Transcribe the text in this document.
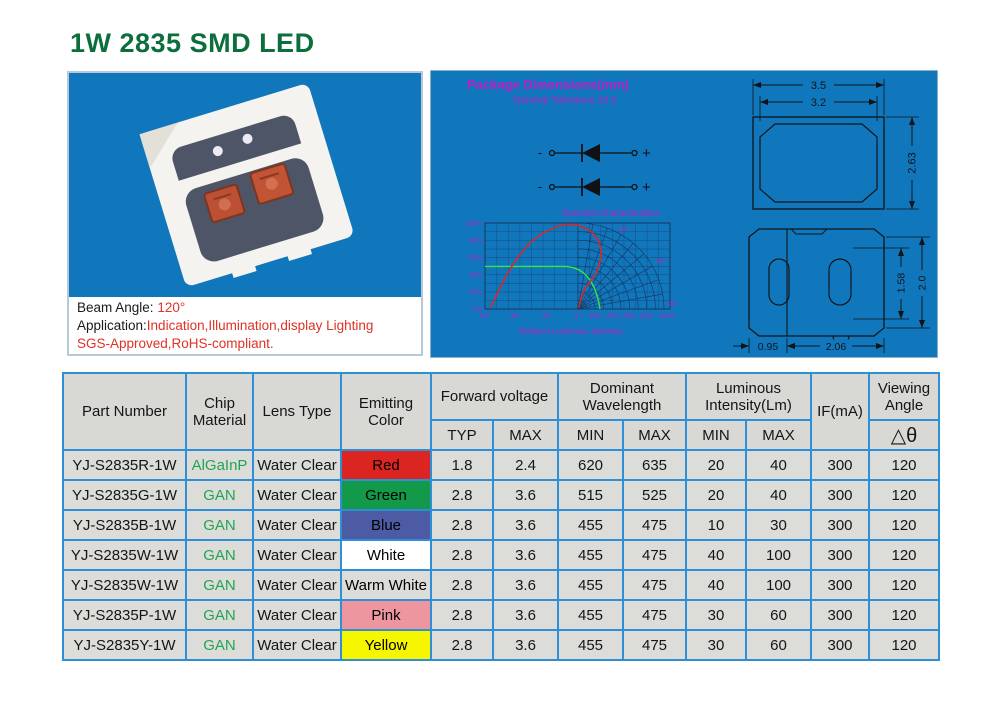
1W 2835 SMD LED
Beam Angle: 120°
Application:Indication,Illumination,display Lighting
SGS-Approved,RoHS-compliant.
Package Dimensions(mm)
General Tolerance ±0.2
-	+
-	+
Directive Characteristics
100%
80%
60%
40%
20%
0%
90°	60°	30°	0° 20% 40% 60% 80% 100%
30°
60°
90°
Relative Luminous Intensity
3.5
3.2
2.63
0.95	2.06
1.58 2.0
Part Number	Chip Material	Lens Type	Emitting Color	Forward voltage		Dominant Wavelength		Luminous Intensity(Lm)		IF(mA)	Viewing Angle
				TYP	MAX	MIN	MAX	MIN	MAX		△θ
YJ-S2835R-1W	AlGaInP	Water Clear	Red	1.8	2.4	620	635	20	40	300	120
YJ-S2835G-1W	GAN	Water Clear	Green	2.8	3.6	515	525	20	40	300	120
YJ-S2835B-1W	GAN	Water Clear	Blue	2.8	3.6	455	475	10	30	300	120
YJ-S2835W-1W	GAN	Water Clear	White	2.8	3.6	455	475	40	100	300	120
YJ-S2835W-1W	GAN	Water Clear	Warm White	2.8	3.6	455	475	40	100	300	120
YJ-S2835P-1W	GAN	Water Clear	Pink	2.8	3.6	455	475	30	60	300	120
YJ-S2835Y-1W	GAN	Water Clear	Yellow	2.8	3.6	455	475	30	60	300	120
